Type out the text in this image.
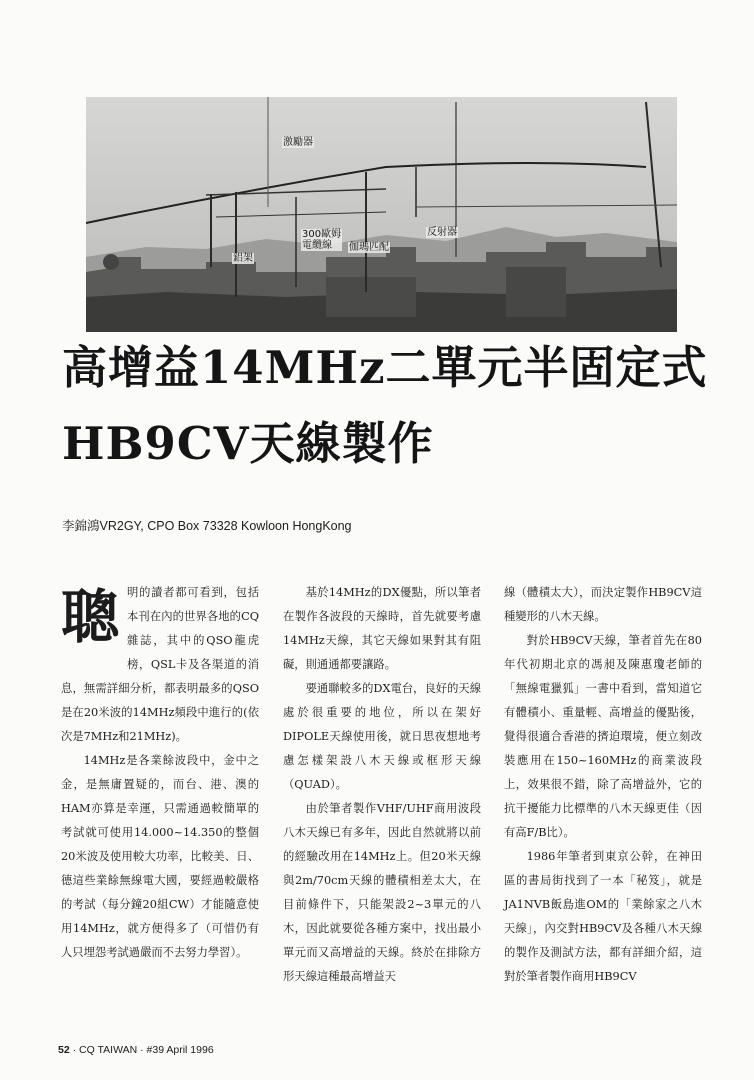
激勵器
300歐姆
電纜線	伽瑪匹配
反射器
鋁架
高增益14MHz二單元半固定式
HB9CV天線製作
李錦鴻VR2GY, CPO Box 73328 Kowloon HongKong
聰 明的讀者都可看到，包括本刊在內的世界各地的CQ雜誌，其中的QSO龍虎榜，QSL卡及各渠道的消息，無需詳細分析，都表明最多的QSO是在20米波的14MHz頻段中進行的(依次是7MHz和21MHz)。

14MHz是各業餘波段中，金中之金，是無庸置疑的，而台、港、澳的HAM亦算是幸運，只需通過較簡單的考試就可使用14.000~14.350的整個20米波及使用較大功率，比較美、日、德這些業餘無線電大國，要經過較嚴格的考試（每分鐘20組CW）才能隨意使用14MHz，就方便得多了（可惜仍有人只埋怨考試過嚴而不去努力學習）。

基於14MHz的DX優點，所以筆者在製作各波段的天線時，首先就要考慮14MHz天線，其它天線如果對其有阻礙，則通通都要讓路。

要通聯較多的DX電台，良好的天線處於很重要的地位，所以在架好DIPOLE天線使用後，就日思夜想地考慮怎樣架設八木天線或框形天線（QUAD）。

由於筆者製作VHF/UHF商用波段八木天線已有多年，因此自然就將以前的經驗改用在14MHz上。但20米天線與2m/70cm天線的體積相差太大，在目前條件下，只能架設2~3單元的八木，因此就要從各種方案中，找出最小單元而又高增益的天線。終於在排除方形天線這種最高增益天

線（體積太大），而決定製作HB9CV這種變形的八木天線。

對於HB9CV天線，筆者首先在80年代初期北京的馮昶及陳惠瓊老師的「無線電獵狐」一書中看到，當知道它有體積小、重量輕、高增益的優點後，覺得很適合香港的擠迫環境，便立刻改裝應用在150~160MHz的商業波段上，效果很不錯，除了高增益外，它的抗干擾能力比標準的八木天線更佳（因有高F/B比）。

1986年筆者到東京公幹，在神田區的書局街找到了一本「秘笈」，就是JA1NVB飯島進OM的「業餘家之八木天線」，內交對HB9CV及各種八木天線的製作及測試方法，都有詳細介紹，這對於筆者製作商用HB9CV

52 · CQ TAIWAN · #39 April 1996
